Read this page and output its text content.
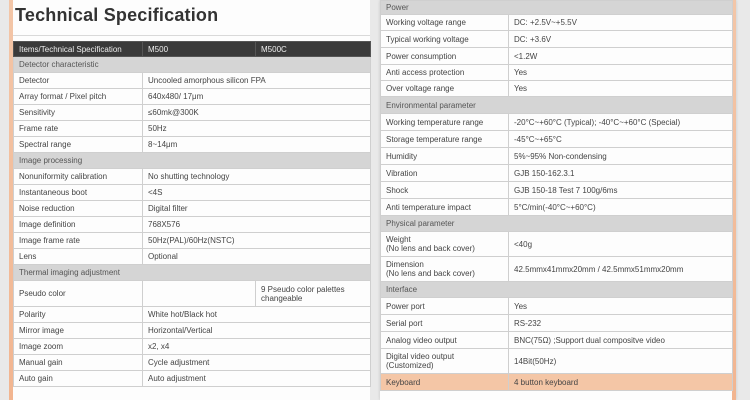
Technical Specification
Items/Technical Specification	M500	M500C
Detector characteristic		
Detector	Uncooled amorphous silicon FPA	
Array format / Pixel pitch	640x480/ 17μm	
Sensitivity	≤60mk@300K	
Frame rate	50Hz	
Spectral range	8~14μm	
Image processing		
Nonuniformity calibration	No shutting technology	
Instantaneous boot	<4S	
Noise reduction	Digital filter	
Image definition	768X576	
Image frame rate	50Hz(PAL)/60Hz(NSTC)	
Lens	Optional	
Thermal imaging adjustment		
Pseudo color		9 Pseudo color palettes changeable
Polarity	White hot/Black hot	
Mirror image	Horizontal/Vertical	
Image zoom	x2, x4	
Manual gain	Cycle adjustment	
Auto gain	Auto adjustment	
Power	
Working voltage range	DC: +2.5V~+5.5V
Typical working voltage	DC: +3.6V
Power consumption	<1.2W
Anti access protection	Yes
Over voltage range	Yes
Environmental parameter	
Working temperature range	-20°C~+60°C (Typical); -40°C~+60°C (Special)
Storage temperature range	-45°C~+65°C
Humidity	5%~95% Non-condensing
Vibration	GJB 150-162.3.1
Shock	GJB 150-18 Test 7 100g/6ms
Anti temperature impact	5°C/min(-40°C~+60°C)
Physical parameter	
Weight
(No lens and back cover)	<40g
Dimension
(No lens and back cover)	42.5mmx41mmx20mm / 42.5mmx51mmx20mm
Interface	
Power port	Yes
Serial port	RS-232
Analog video output	BNC(75Ω) ;Support dual compositve video
Digital video output
(Customized)	14Bit(50Hz)
Keyboard	4 button keyboard
